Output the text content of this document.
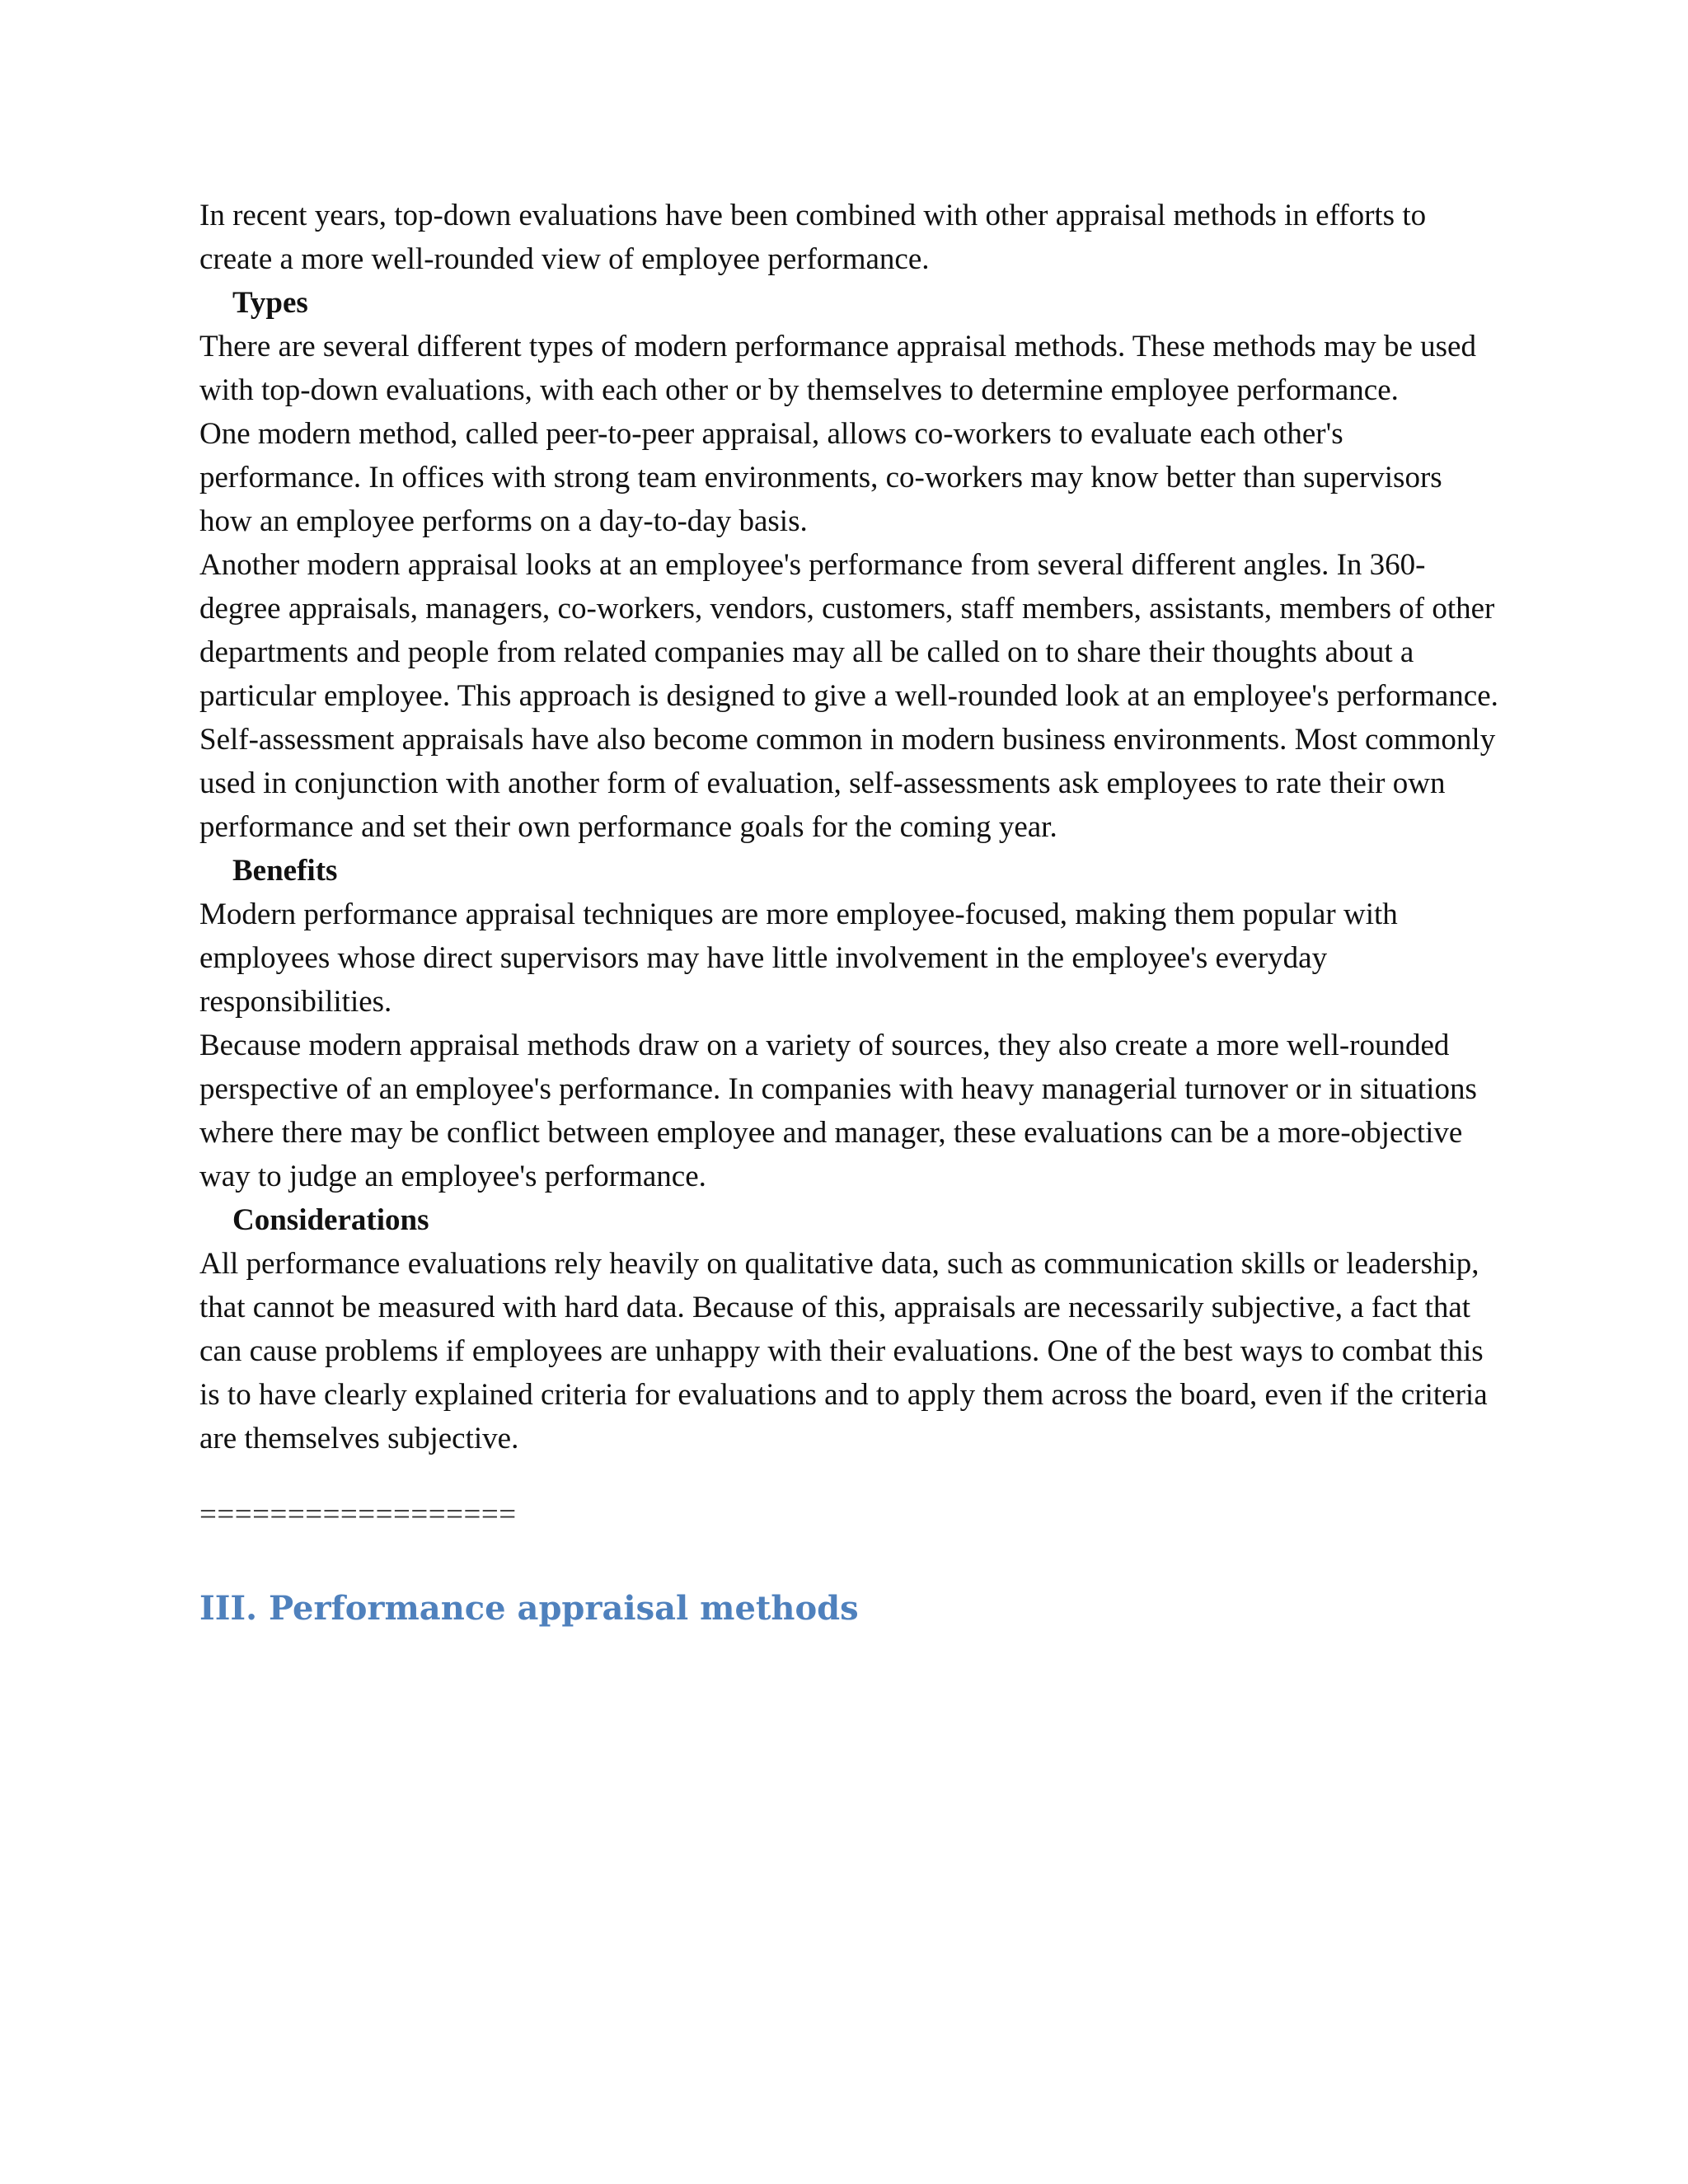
In recent years, top-down evaluations have been combined with other appraisal methods in efforts to create a more well-rounded view of employee performance.

Types

There are several different types of modern performance appraisal methods. These methods may be used with top-down evaluations, with each other or by themselves to determine employee performance.

One modern method, called peer-to-peer appraisal, allows co-workers to evaluate each other's performance. In offices with strong team environments, co-workers may know better than supervisors how an employee performs on a day-to-day basis.

Another modern appraisal looks at an employee's performance from several different angles. In 360-degree appraisals, managers, co-workers, vendors, customers, staff members, assistants, members of other departments and people from related companies may all be called on to share their thoughts about a particular employee. This approach is designed to give a well-rounded look at an employee's performance.

Self-assessment appraisals have also become common in modern business environments. Most commonly used in conjunction with another form of evaluation, self-assessments ask employees to rate their own performance and set their own performance goals for the coming year.

Benefits

Modern performance appraisal techniques are more employee-focused, making them popular with employees whose direct supervisors may have little involvement in the employee's everyday responsibilities.

Because modern appraisal methods draw on a variety of sources, they also create a more well-rounded perspective of an employee's performance. In companies with heavy managerial turnover or in situations where there may be conflict between employee and manager, these evaluations can be a more-objective way to judge an employee's performance.

Considerations

All performance evaluations rely heavily on qualitative data, such as communication skills or leadership, that cannot be measured with hard data. Because of this, appraisals are necessarily subjective, a fact that can cause problems if employees are unhappy with their evaluations. One of the best ways to combat this is to have clearly explained criteria for evaluations and to apply them across the board, even if the criteria are themselves subjective.

==================

III. Performance appraisal methods
